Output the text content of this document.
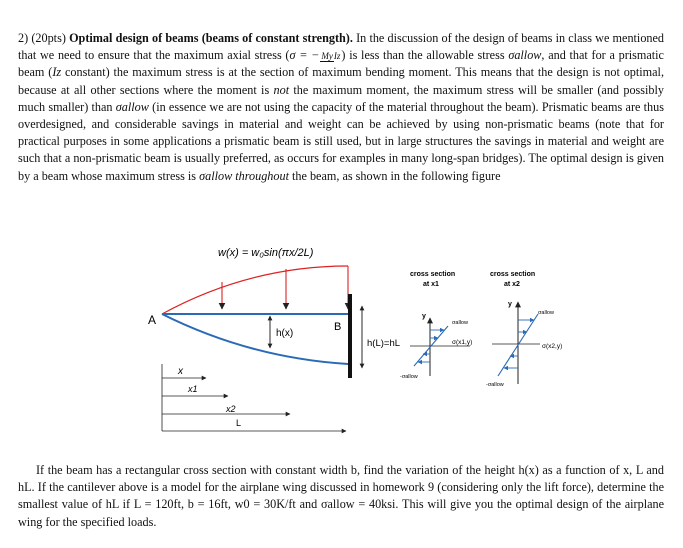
2) (20pts) Optimal design of beams (beams of constant strength). In the discussion of the design of beams in class we mentioned that we need to ensure that the maximum axial stress (σ = − MyIz) is less than the allowable stress σallow, and that for a prismatic beam (Iz constant) the maximum stress is at the section of maximum bending moment. This means that the design is not optimal, because at all other sections where the moment is not the maximum moment, the maximum stress will be smaller (and possibly much smaller) than σallow (in essence we are not using the capacity of the material throughout the beam). Prismatic beams are thus overdesigned, and considerable savings in material and weight can be achieved by using non-prismatic beams (note that for practical purposes in some applications a prismatic beam is still used, but in large structures the savings in material and weight are such that a non-prismatic beam is usually preferred, as occurs for examples in many long-span bridges). The optimal design is given by a beam whose maximum stress is σallow throughout the beam, as shown in the following figure
w(x) = w₀sin(πx/2L)
A	B
h(x)
h(L)=hL
x
x1
x2
L
cross section
at x1
y
σallow
σ(x1,y)
-σallow
cross section
at x2
y
σallow
σ(x2,y)
-σallow
If the beam has a rectangular cross section with constant width b, find the variation of the height h(x) as a function of x, L and hL. If the cantilever above is a model for the airplane wing discussed in homework 9 (considering only the lift force), determine the smallest value of hL if L = 120ft, b = 16ft, w0 = 30K/ft and σallow = 40ksi. This will give you the optimal design of the airplane wing for the specified loads.
